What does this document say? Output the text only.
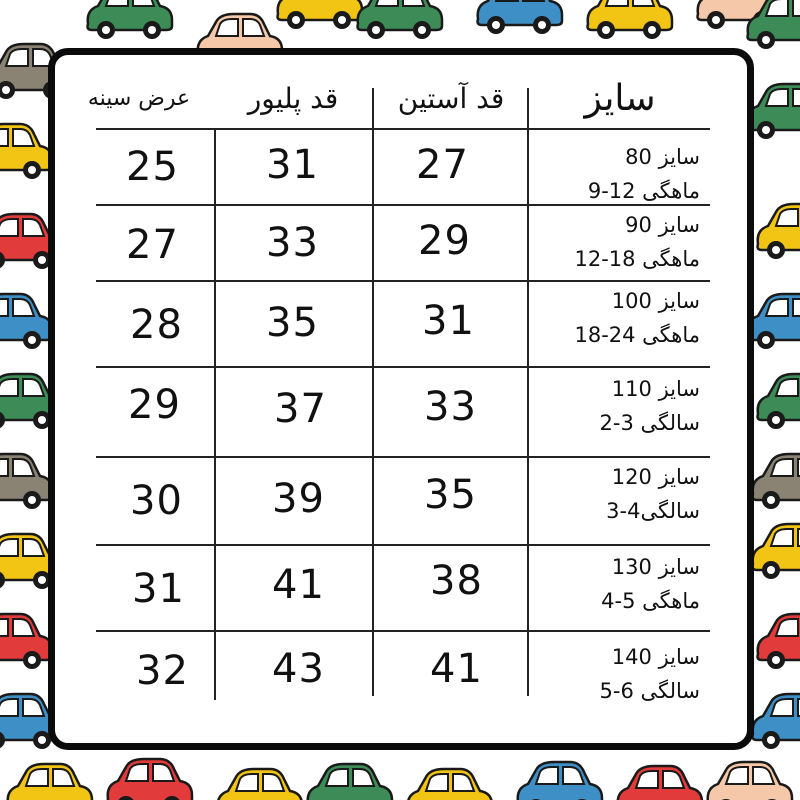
سایز
قد آستین
قد پلیور
عرض سینه
سایز 80
ماهگی 12-9
27
31
25
سایز 90
ماهگی 18-12
29
33
27
سایز 100
ماهگی 24-18
31
35
28
سایز 110
سالگی 3-2
33
37
29
سایز 120
سالگی4-3
35
39
30
سایز 130
ماهگی 5-4
38
41
31
سایز 140
سالگی 6-5
41
43
32
